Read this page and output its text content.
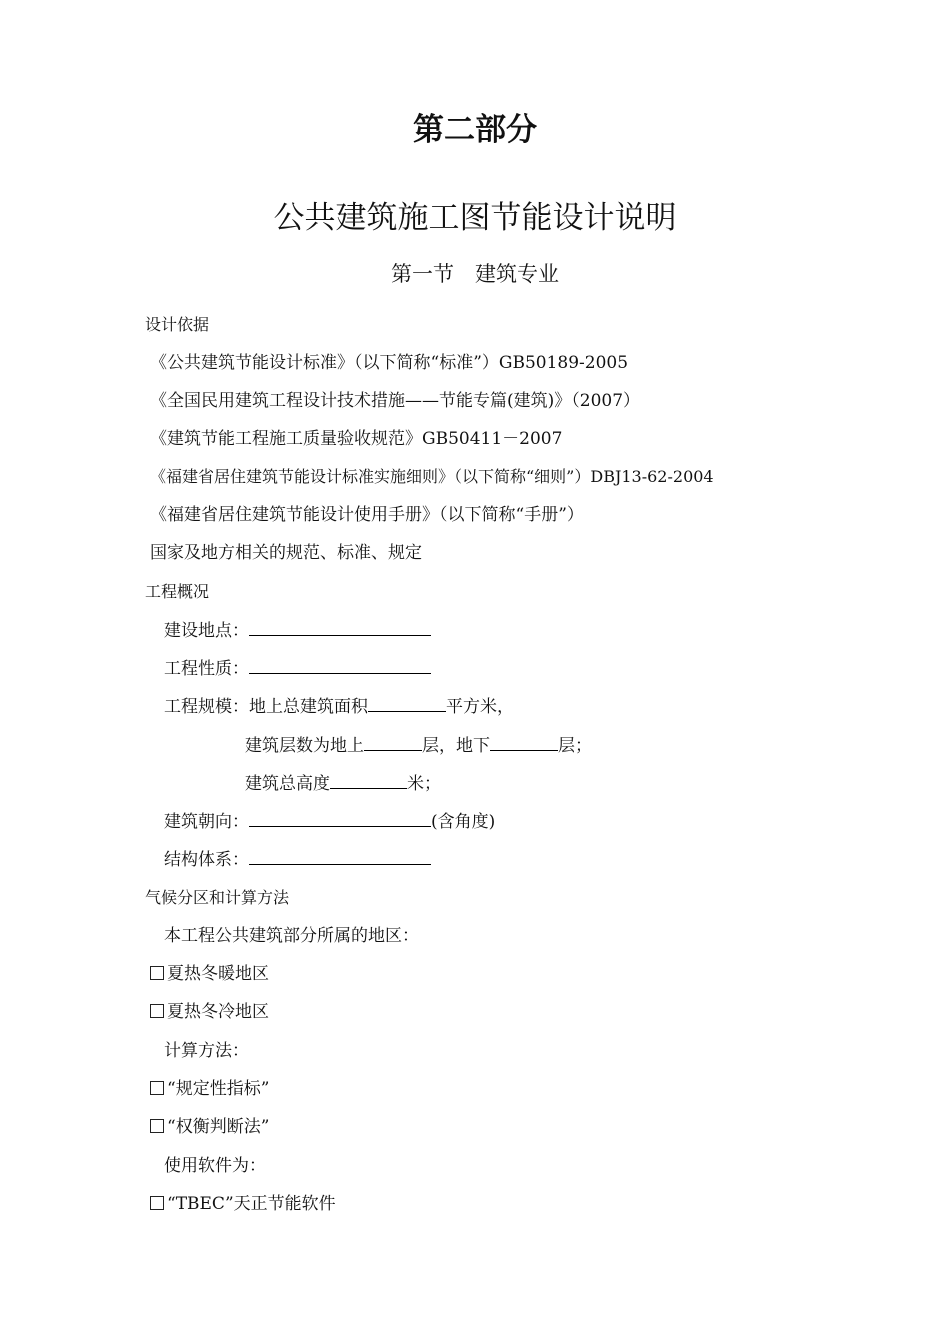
第二部分
公共建筑施工图节能设计说明
第一节　建筑专业
设计依据
《公共建筑节能设计标准》（以下简称“标准”）GB50189-2005
《全国民用建筑工程设计技术措施——节能专篇(建筑)》（2007）
《建筑节能工程施工质量验收规范》GB50411－2007
《福建省居住建筑节能设计标准实施细则》（以下简称“细则”）DBJ13-62-2004
《福建省居住建筑节能设计使用手册》（以下简称“手册”）
国家及地方相关的规范、标准、规定
工程概况
建设地点：
工程性质：
工程规模：地上总建筑面积	平方米，
建筑层数为地上	层，地下	层；
建筑总高度	米；
建筑朝向：	(含角度)
结构体系：
气候分区和计算方法
本工程公共建筑部分所属的地区：
夏热冬暖地区
夏热冬冷地区
计算方法：
“规定性指标”
“权衡判断法”
使用软件为：
“TBEC”天正节能软件
